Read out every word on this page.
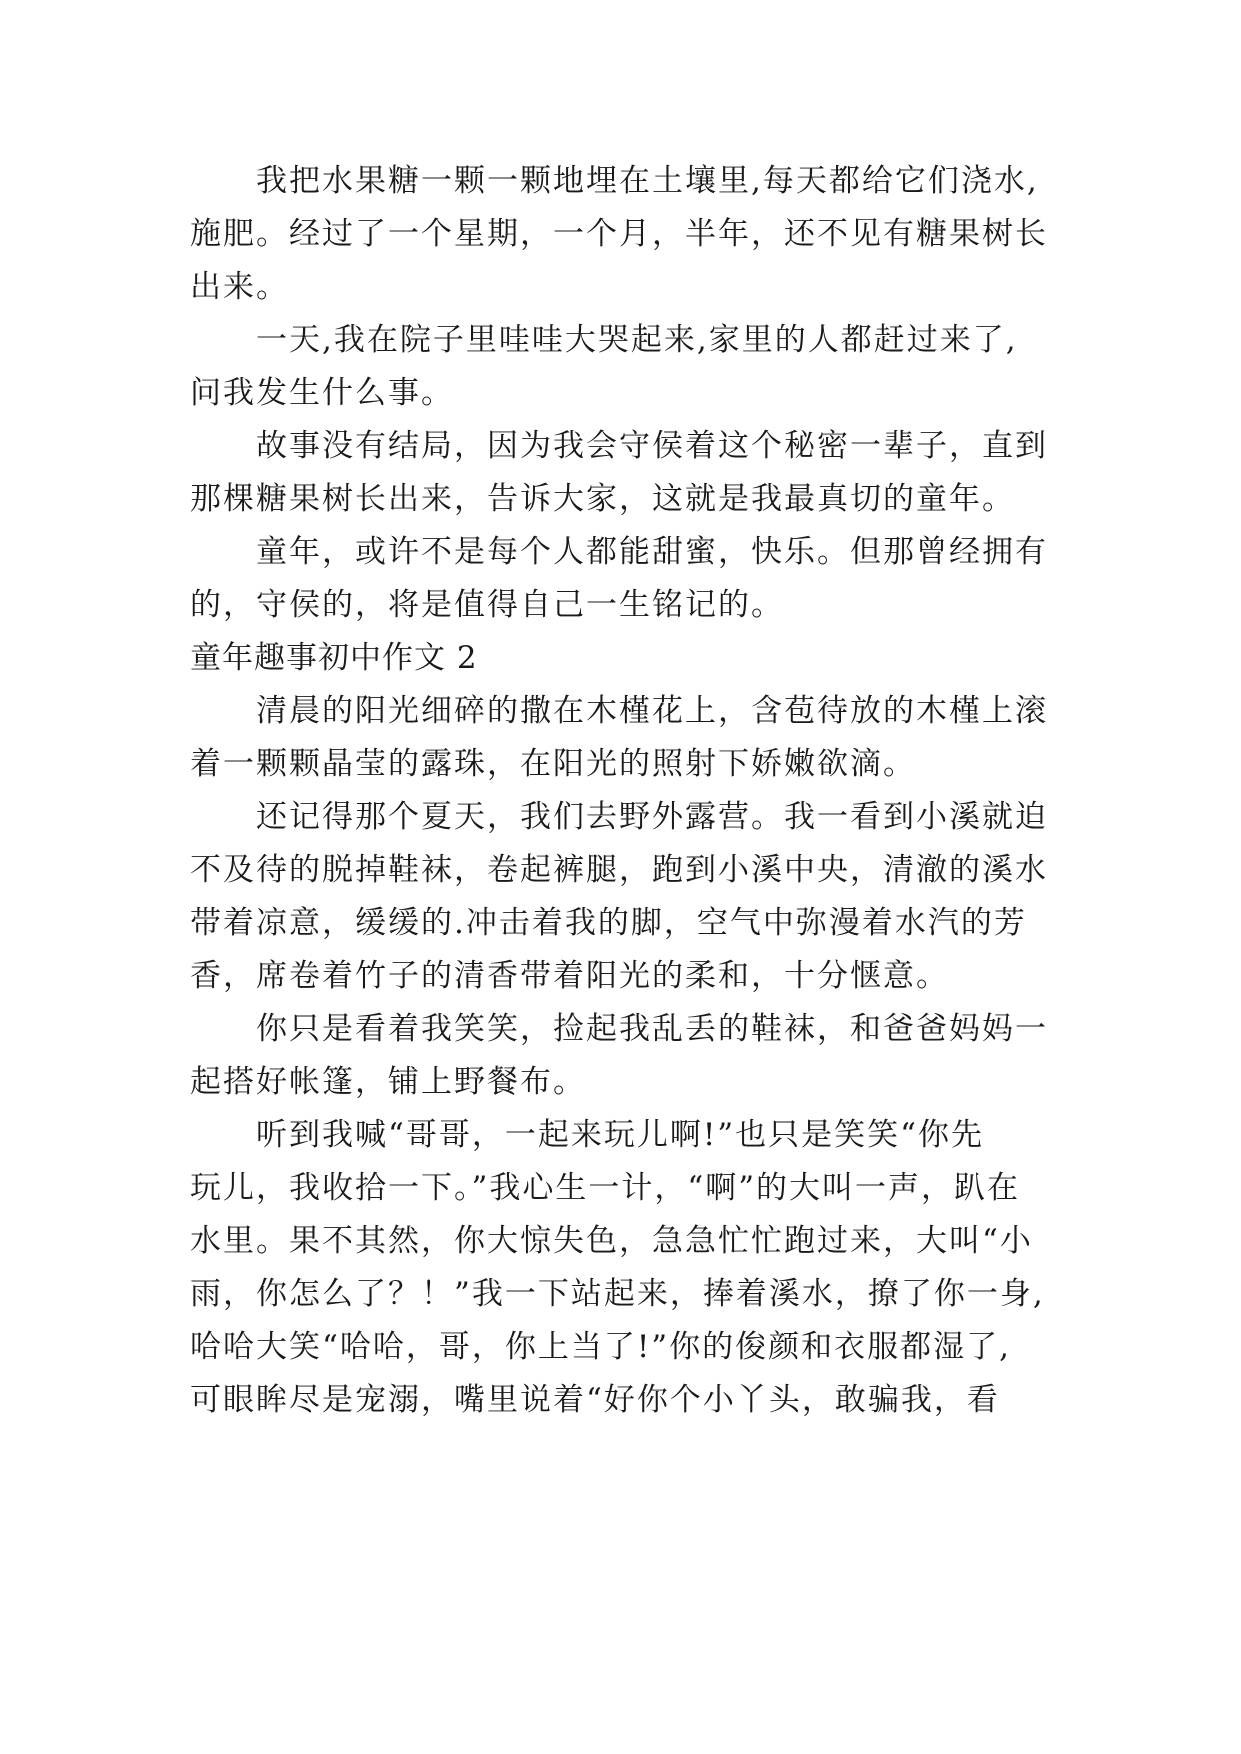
我把水果糖一颗一颗地埋在土壤里,每天都给它们浇水,
施肥。经过了一个星期，一个月，半年，还不见有糖果树长
出来。
一天,我在院子里哇哇大哭起来,家里的人都赶过来了,
问我发生什么事。
故事没有结局，因为我会守侯着这个秘密一辈子，直到
那棵糖果树长出来，告诉大家，这就是我最真切的童年。
童年，或许不是每个人都能甜蜜，快乐。但那曾经拥有
的，守侯的，将是值得自己一生铭记的。
童年趣事初中作文 2
清晨的阳光细碎的撒在木槿花上，含苞待放的木槿上滚
着一颗颗晶莹的露珠，在阳光的照射下娇嫩欲滴。
还记得那个夏天，我们去野外露营。我一看到小溪就迫
不及待的脱掉鞋袜，卷起裤腿，跑到小溪中央，清澈的溪水
带着凉意，缓缓的.冲击着我的脚，空气中弥漫着水汽的芳
香，席卷着竹子的清香带着阳光的柔和，十分惬意。
你只是看着我笑笑，捡起我乱丢的鞋袜，和爸爸妈妈一
起搭好帐篷，铺上野餐布。
听到我喊“哥哥，一起来玩儿啊!”也只是笑笑“你先
玩儿，我收拾一下。”我心生一计，“啊”的大叫一声，趴在
水里。果不其然，你大惊失色，急急忙忙跑过来，大叫“小
雨，你怎么了？！”我一下站起来，捧着溪水，撩了你一身,
哈哈大笑“哈哈，哥，你上当了!”你的俊颜和衣服都湿了,
可眼眸尽是宠溺，嘴里说着“好你个小丫头，敢骗我，看
